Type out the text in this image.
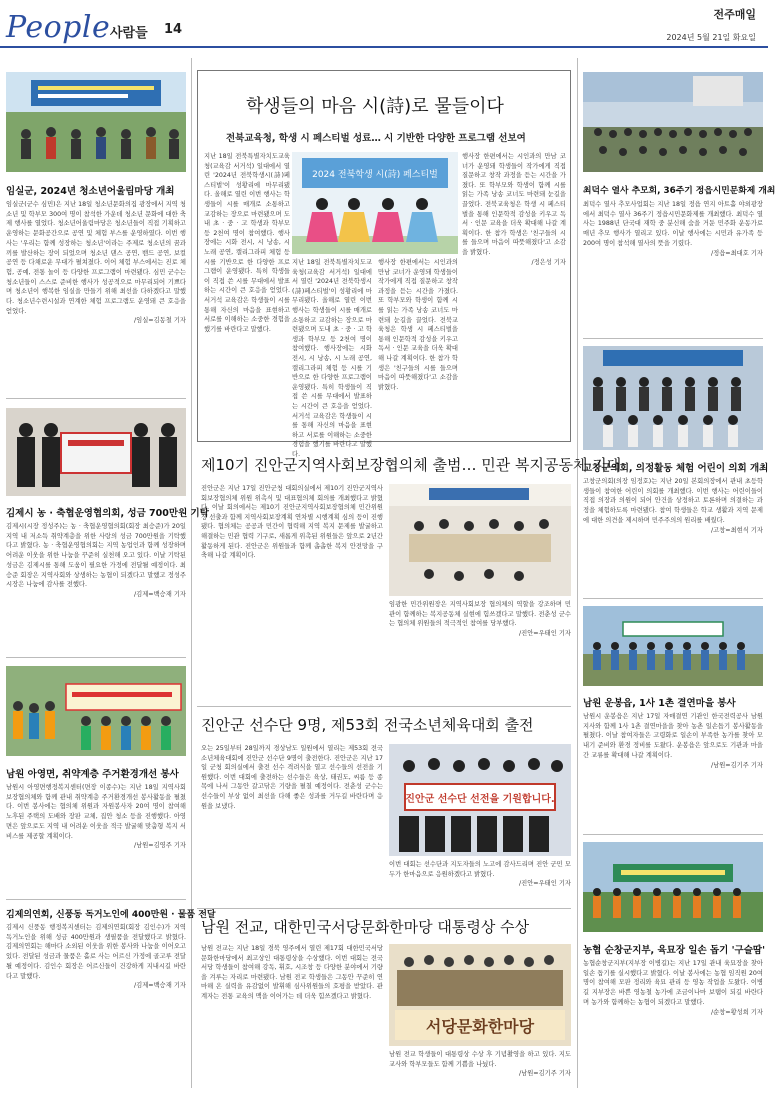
People 사람들 14
전주매일
2024년 5월 21일 화요일
임실군, 2024년 청소년어울림마당 개최
임실군(군수 심민)은 지난 18일 청소년문화의집 광장에서 지역 청소년 및 학부모 300여 명이 참석한 가운데 청소년 문화에 대한 축제 행사를 열었다. 청소년어울림마당은 청소년들이 직접 기획하고 운영하는 문화공간으로 공연 및 체험 부스를 운영하였다. 이번 행사는 '우리는 함께 성장하는 청소년'이라는 주제로 청소년의 꿈과 끼를 발산하는 장이 되었으며 청소년 댄스 공연, 밴드 공연, 보컬 공연 등 다채로운 무대가 펼쳐졌다. 이어 체험 부스에서는 진로 체험, 공예, 전통 놀이 등 다양한 프로그램이 마련됐다. 심민 군수는 청소년들이 스스로 준비한 행사가 성공적으로 마무리되어 기쁘다며 청소년이 행복한 임실을 만들기 위해 최선을 다하겠다고 말했다. 청소년수련시설과 연계한 체험 프로그램도 운영돼 큰 호응을 얻었다.
/임실=김동철 기자
김제시 농 · 축협운영협의회, 성금 700만원 기탁
김제시(시장 정성주)는 농 · 축협운영협의회(회장 최승준)가 20일 지역 내 저소득 취약계층을 위한 사랑의 성금 700만원을 기탁했다고 밝혔다. 농 · 축협운영협의회는 지역 농업인과 함께 성장하며 어려운 이웃을 위한 나눔을 꾸준히 실천해 오고 있다. 이날 기탁된 성금은 김제시를 통해 도움이 필요한 가정에 전달될 예정이다. 최승준 회장은 지역사회와 상생하는 농협이 되겠다고 말했고 정성주 시장은 나눔에 감사를 전했다.
/김제=백승재 기자
남원 아영면, 취약계층 주거환경개선 봉사
남원시 아영면행정복지센터(면장 이종수)는 지난 18일 지역사회보장협의체와 함께 관내 취약계층 주거환경개선 봉사활동을 펼쳤다. 이번 봉사에는 협의체 위원과 자원봉사자 20여 명이 참여해 노후된 주택의 도배와 장판 교체, 집안 청소 등을 진행했다. 아영면은 앞으로도 지역 내 어려운 이웃을 적극 발굴해 맞춤형 복지 서비스를 제공할 계획이다.
/남원=김영주 기자
김제의연회, 신풍동 독거노인에 400만원 · 물품 전달
김제시 신풍동 행정복지센터는 김제의연회(회장 김인수)가 지역 독거노인을 위해 성금 400만원과 생필품을 전달했다고 밝혔다. 김제의연회는 해마다 소외된 이웃을 위한 봉사와 나눔을 이어오고 있다. 전달된 성금과 물품은 홀로 사는 어르신 가정에 골고루 전달될 예정이다. 김인수 회장은 어르신들이 건강하게 지내시길 바란다고 말했다.
/김제=백승재 기자
학생들의 마음 시(詩)로 물들이다
전북교육청, 학생 시 페스티벌 성료… 시 기반한 다양한 프로그램 선보여
지난 18일 전북특별자치도교육청(교육감 서거석) 일대에서 열린 '2024년 전북학생시(詩)페스티벌'이 성황리에 마무리됐다. 올해로 열린 이번 행사는 학생들이 시를 매개로 소통하고 교감하는 장으로 마련됐으며 도내 초 · 중 · 고 학생과 학부모 등 2천여 명이 참여했다. 행사장에는 시화 전시, 시 낭송, 시 노래 공연, 캘리그라피 체험 등 시를 기반으로 한 다양한 프로그램이 운영됐다. 특히 학생들이 직접 쓴 시를 무대에서 발표하는 시간이 큰 호응을 얻었다. 서거석 교육감은 학생들이 시를 통해 자신의 마음을 표현하고 서로를 이해하는 소중한 경험을 했기를 바란다고 말했다.
2024 전북학생 시(詩) 페스티벌
지난 18일 전북특별자치도교육청(교육감 서거석) 일대에서 열린 '2024년 전북학생시(詩)페스티벌'이 성황리에 마무리됐다. 올해로 열린 이번 행사는 학생들이 시를 매개로 소통하고 교감하는 장으로 마련됐으며 도내 초 · 중 · 고 학생과 학부모 등 2천여 명이 참여했다. 행사장에는 시화 전시, 시 낭송, 시 노래 공연, 캘리그라피 체험 등 시를 기반으로 한 다양한 프로그램이 운영됐다. 특히 학생들이 직접 쓴 시를 무대에서 발표하는 시간이 큰 호응을 얻었다. 서거석 교육감은 학생들이 시를 통해 자신의 마음을 표현하고 서로를 이해하는 소중한 경험을 했기를 바란다고 말했다.
행사장 한편에서는 시인과의 만남 코너가 운영돼 학생들이 작가에게 직접 질문하고 창작 과정을 듣는 시간을 가졌다. 또 학부모와 학생이 함께 시를 읽는 가족 낭송 코너도 마련돼 눈길을 끌었다. 전북교육청은 학생 시 페스티벌을 통해 인문학적 감성을 키우고 독서 · 인문 교육을 더욱 확대해 나갈 계획이다. 한 참가 학생은 '친구들의 시를 들으며 마음이 따뜻해졌다'고 소감을 밝혔다.
행사장 한편에서는 시인과의 만남 코너가 운영돼 학생들이 작가에게 직접 질문하고 창작 과정을 듣는 시간을 가졌다. 또 학부모와 학생이 함께 시를 읽는 가족 낭송 코너도 마련돼 눈길을 끌었다. 전북교육청은 학생 시 페스티벌을 통해 인문학적 감성을 키우고 독서 · 인문 교육을 더욱 확대해 나갈 계획이다. 한 참가 학생은 '친구들의 시를 들으며 마음이 따뜻해졌다'고 소감을 밝혔다.
/정은성 기자
제10기 진안군지역사회보장협의체 출범… 민관 복지공동체 기대
진안군은 지난 17일 진안군청 대회의실에서 제10기 진안군지역사회보장협의체 위원 위촉식 및 대표협의체 회의를 개최했다고 밝혔다. 이날 회의에서는 제10기 진안군지역사회보장협의체 민간위원장 선출과 함께 지역사회보장계획 연차별 시행계획 심의 등이 진행됐다. 협의체는 공공과 민간이 협력해 지역 복지 문제를 발굴하고 해결하는 민관 협력 기구로, 새롭게 위촉된 위원들은 앞으로 2년간 활동하게 된다. 진안군은 위원들과 함께 촘촘한 복지 안전망을 구축해 나갈 계획이다.
임광한 민간위원장은 지역사회보장 협의체의 역할을 강조하며 민관이 함께하는 복지공동체 실현에 힘쓰겠다고 말했다. 전춘성 군수는 협의체 위원들의 적극적인 참여를 당부했다.
/진안=우태인 기자
진안군 선수단 9명, 제53회 전국소년체육대회 출전
오는 25일부터 28일까지 경상남도 일원에서 열리는 제53회 전국소년체육대회에 진안군 선수단 9명이 출전한다. 진안군은 지난 17일 군청 회의실에서 출전 선수 격려식을 열고 선수들의 선전을 기원했다. 이번 대회에 출전하는 선수들은 육상, 태권도, 씨름 등 종목에 나서 그동안 갈고닦은 기량을 펼칠 예정이다. 전춘성 군수는 선수들이 부상 없이 최선을 다해 좋은 성과를 거두길 바란다며 응원을 보냈다.
진안군 선수단 선전을 기원합니다.
이번 대회는 선수단과 지도자들의 노고에 감사드리며 진안 군민 모두가 한마음으로 응원하겠다고 밝혔다.
/진안=우태인 기자
남원 전교, 대한민국서당문화한마당 대통령상 수상
남원 전교는 지난 18일 경북 영주에서 열린 제17회 대한민국서당문화한마당에서 최고상인 대통령상을 수상했다. 이번 대회는 전국 서당 학생들이 참여해 강독, 휘호, 시조창 등 다양한 분야에서 기량을 겨루는 자리로 마련됐다. 남원 전교 학생들은 그동안 꾸준히 연마해 온 실력을 유감없이 발휘해 심사위원들의 호평을 받았다. 관계자는 전통 교육의 맥을 이어가는 데 더욱 힘쓰겠다고 밝혔다.
서당문화한마당
남원 전교 학생들이 대통령상 수상 후 기념촬영을 하고 있다. 지도 교사와 학부모들도 함께 기쁨을 나눴다.
/남원=김기주 기자
최덕수 열사 추모회, 36주기 정읍시민문화제 개최
최덕수 열사 추모사업회는 지난 18일 정읍 연지 아트홀 야외광장에서 최덕수 열사 36주기 정읍시민문화제를 개최했다. 최덕수 열사는 1988년 단국대 재학 중 분신해 숨을 거둔 민주화 운동가로 매년 추모 행사가 열리고 있다. 이날 행사에는 시민과 유가족 등 200여 명이 참석해 열사의 뜻을 기렸다.
/정읍=최대호 기자
고창군의회, 의정활동 체험 어린이 의회 개최
고창군의회(의장 임정호)는 지난 20일 본회의장에서 관내 초등학생들이 참여한 어린이 의회를 개최했다. 이번 행사는 어린이들이 직접 의장과 의원이 되어 안건을 상정하고 토론하며 의결하는 과정을 체험하도록 마련됐다. 참여 학생들은 학교 생활과 지역 문제에 대한 의견을 제시하며 민주주의의 원리를 배웠다.
/고창=최현식 기자
남원 운봉읍, 1사 1촌 결연마을 봉사
남원시 운봉읍은 지난 17일 자매결연 기관인 한국전력공사 남원지사와 함께 1사 1촌 결연마을을 찾아 농촌 일손돕기 봉사활동을 펼쳤다. 이날 참여자들은 고령화로 일손이 부족한 농가를 찾아 모내기 준비와 환경 정비를 도왔다. 운봉읍은 앞으로도 기관과 마을 간 교류를 확대해 나갈 계획이다.
/남원=김기주 기자
농협 순창군지부, 육묘장 일손 돕기 '구슬땀'
농협순창군지부(지부장 이병길)는 지난 17일 관내 육묘장을 찾아 일손 돕기를 실시했다고 밝혔다. 이날 봉사에는 농협 임직원 20여 명이 참여해 모판 정리와 육묘 관리 등 영농 작업을 도왔다. 이병길 지부장은 바쁜 영농철 농가에 조금이나마 보탬이 되길 바란다며 농가와 함께하는 농협이 되겠다고 말했다.
/순창=황성희 기자
